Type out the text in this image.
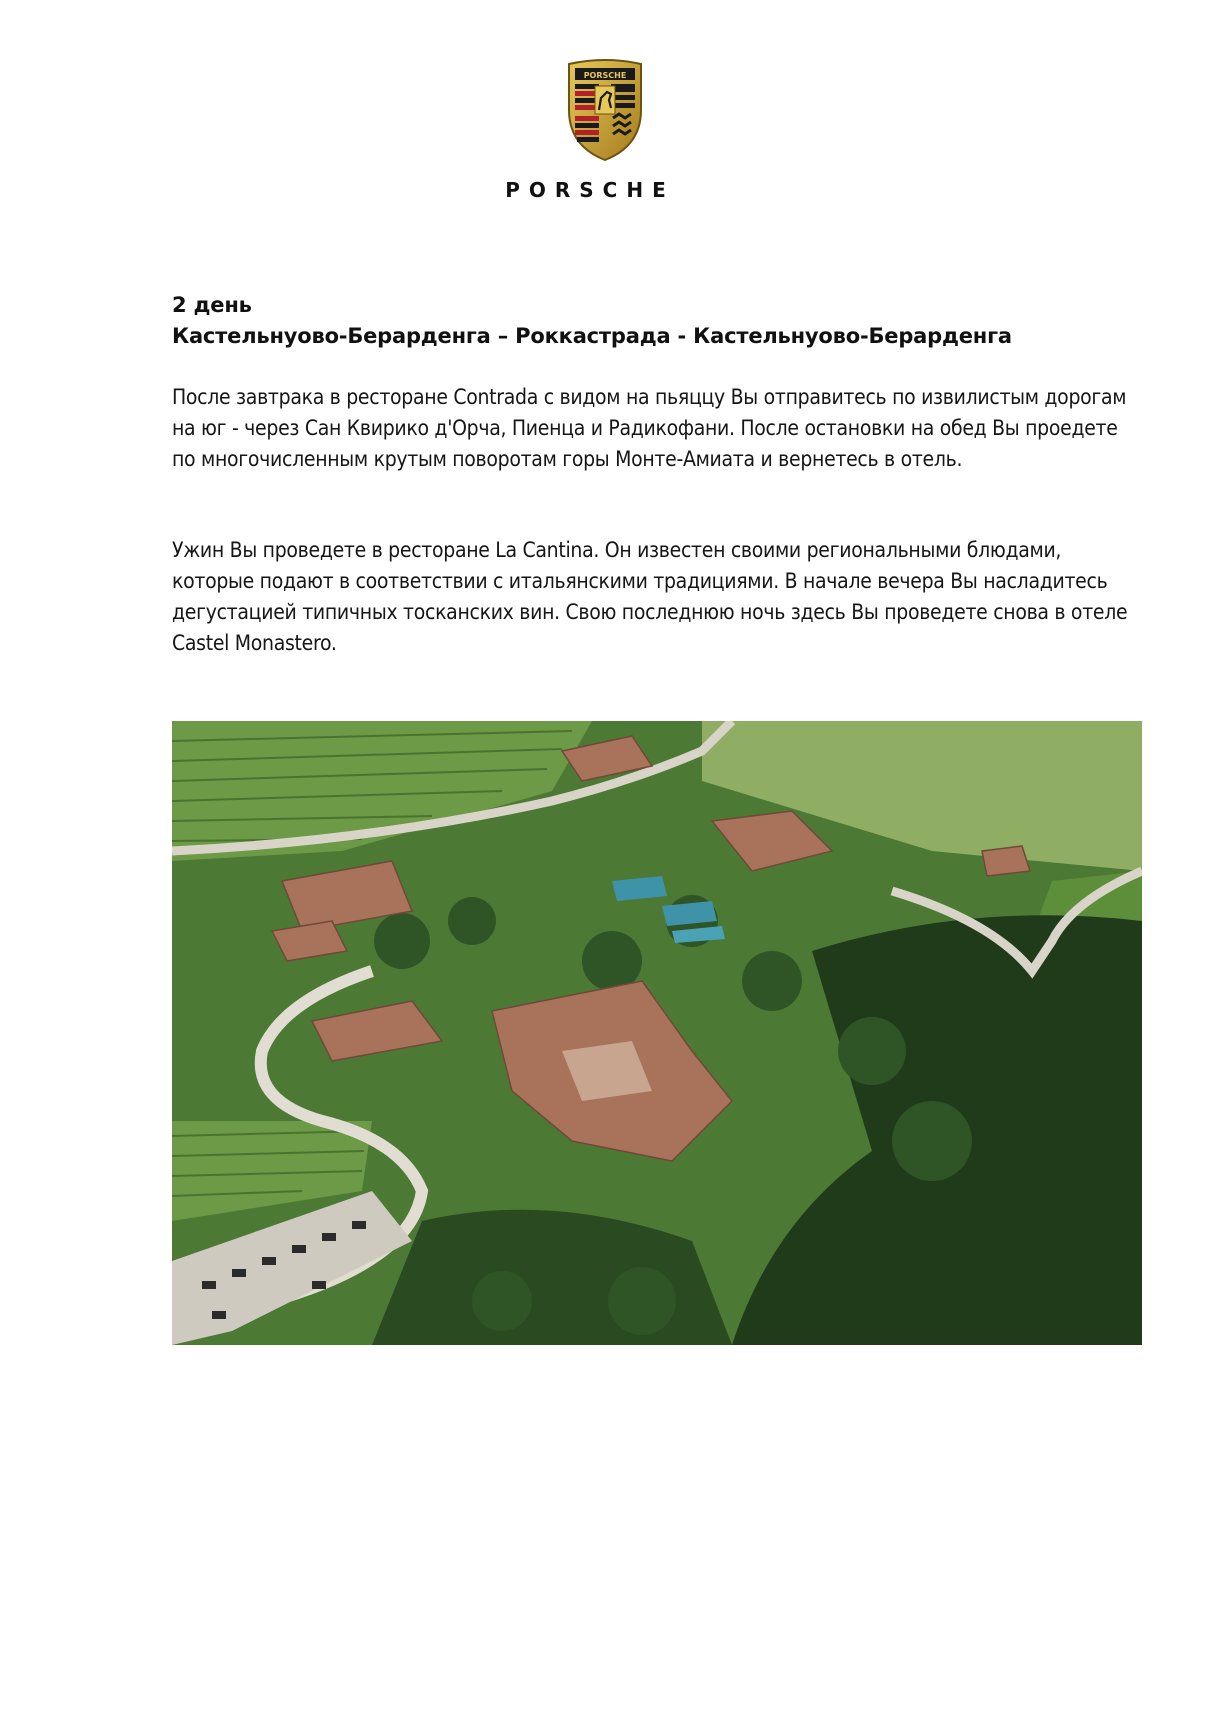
PORSCHE
PORSCHE
2 день
Кастельнуово-Берарденга – Роккастрада - Кастельнуово-Берарденга

После завтрака в ресторане Contrada с видом на пьяццу Вы отправитесь по извилистым дорогам на юг - через Сан Квирико д'Орча, Пиенца и Радикофани. После остановки на обед Вы проедете по многочисленным крутым поворотам горы Монте-Амиата и вернетесь в отель.

Ужин Вы проведете в ресторане La Cantina. Он известен своими региональными блюдами, которые подают в соответствии с итальянскими традициями. В начале вечера Вы насладитесь дегустацией типичных тосканских вин. Свою последнюю ночь здесь Вы проведете снова в отеле Castel Monastero.
